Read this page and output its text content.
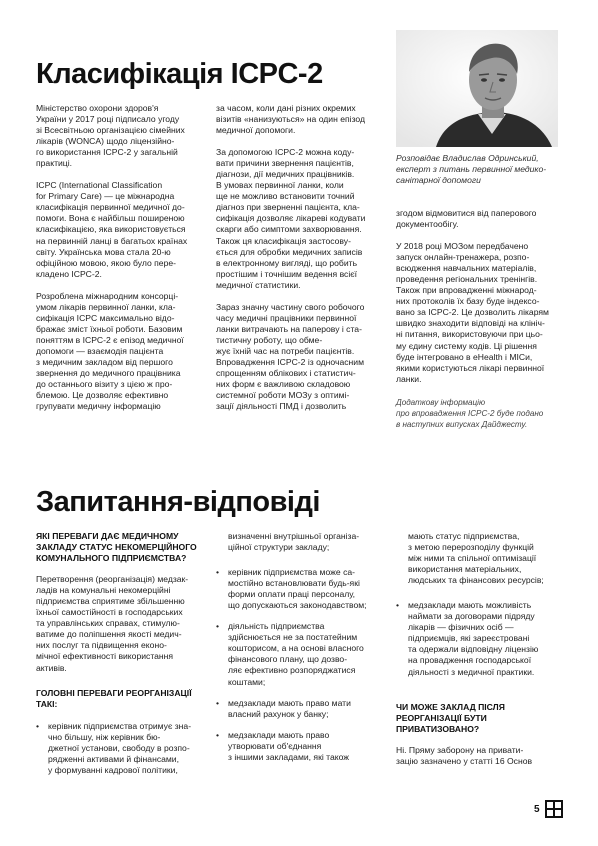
Класифікація ICPC-2

Міністерство охорони здоров'я
України у 2017 році підписало угоду
зі Всесвітньою організацією сімейних
лікарів (WONCA) щодо ліцензійно-
го використання ICPC-2 у загальній
практиці.

ICPC (International Classification
for Primary Care) — це міжнародна
класифікація первинної медичної до-
помоги. Вона є найбільш поширеною
класифікацією, яка використовується
на первинній ланці в багатьох країнах
світу. Українська мова стала 20-ю
офіційною мовою, якою було пере-
кладено ICPC-2.

Розроблена міжнародним консорці-
умом лікарів первинної ланки, кла-
сифікація ICPC максимально відо-
бражає зміст їхньої роботи. Базовим
поняттям в ICPC-2 є епізод медичної
допомоги — взаємодія пацієнта
з медичним закладом від першого
звернення до медичного працівника
до останнього візиту з цією ж про-
блемою. Це дозволяє ефективно
групувати медичну інформацію

за часом, коли дані різних окремих
візитів «нанизуються» на один епізод
медичної допомоги.

За допомогою ICPC-2 можна коду-
вати причини звернення пацієнтів,
діагнози, дії медичних працівників.
В умовах первинної ланки, коли
ще не можливо встановити точний
діагноз при зверненні пацієнта, кла-
сифікація дозволяє лікареві кодувати
скарги або симптоми захворювання.
Також ця класифікація застосову-
ється для обробки медичних записів
в електронному вигляді, що робить
простішим і точнішим ведення всієї
медичної статистики.

Зараз значну частину свого робочого
часу медичні працівники первинної
ланки витрачають на паперову і ста-
тистичну роботу, що обме-
жує їхній час на потреби пацієнтів.
Впровадження ICPC-2 із одночасним
спрощенням облікових і статистич-
них форм є важливою складовою
системної роботи МОЗу з оптимі-
зації діяльності ПМД і дозволить

Розповідає Владислав Одринський,
експерт з питань первинної медико-
санітарної допомоги

згодом відмовитися від паперового
документообігу.

У 2018 році МОЗом передбачено
запуск онлайн-тренажера, розпо-
всюдження навчальних матеріалів,
проведення регіональних тренінгів.
Також при впровадженні міжнарод-
них протоколів їх базу буде індексо-
вано за ICPC-2. Це дозволить лікарям
швидко знаходити відповіді на клініч-
ні питання, використовуючи при цьо-
му єдину систему кодів. Ці рішення
буде інтегровано в eHealth і МІСи,
якими користуються лікарі первинної
ланки.

Додаткову інформацію
про впровадження ICPC-2 буде подано
в наступних випусках Дайджесту.
Запитання-відповіді
ЯКІ ПЕРЕВАГИ ДАЄ МЕДИЧНОМУ
ЗАКЛАДУ СТАТУС НЕКОМЕРЦІЙНОГО
КОМУНАЛЬНОГО ПІДПРИЄМСТВА?

Перетворення (реорганізація) медзак-
ладів на комунальні некомерційні
підприємства сприятиме збільшенню
їхньої самостійності в господарських
та управлінських справах, стимулю-
ватиме до поліпшення якості медич-
них послуг та підвищення еконо-
мічної ефективності використання
активів.

ГОЛОВНІ ПЕРЕВАГИ РЕОРГАНІЗАЦІЇ ТАКІ:
• керівник підприємства отримує зна-
чно більшу, ніж керівник бю-
джетної установи, свободу в розпо-
рядженні активами й фінансами,
у формуванні кадрової політики,

визначенні внутрішньої організа-
ційної структури закладу;

• керівник підприємства може са-
мостійно встановлювати будь-які
форми оплати праці персоналу,
що допускаються законодавством;
• діяльність підприємства
здійснюється не за постатейним
кошторисом, а на основі власного
фінансового плану, що дозво-
ляє ефективно розпоряджатися
коштами;
• медзаклади мають право мати
власний рахунок у банку;
• медзаклади мають право
утворювати об'єднання
з іншими закладами, які також

мають статус підприємства,
з метою перерозподілу функцій
між ними та спільної оптимізації
використання матеріальних,
людських та фінансових ресурсів;

• медзаклади мають можливість
наймати за договорами підряду
лікарів — фізичних осіб —
підприємців, які зареєстровані
та одержали відповідну ліцензію
на провадження господарської
діяльності з медичної практики.
ЧИ МОЖЕ ЗАКЛАД ПІСЛЯ
РЕОРГАНІЗАЦІЇ БУТИ
ПРИВАТИЗОВАНО?

Ні. Пряму заборону на привати-
зацію зазначено у статті 16 Основ

5
